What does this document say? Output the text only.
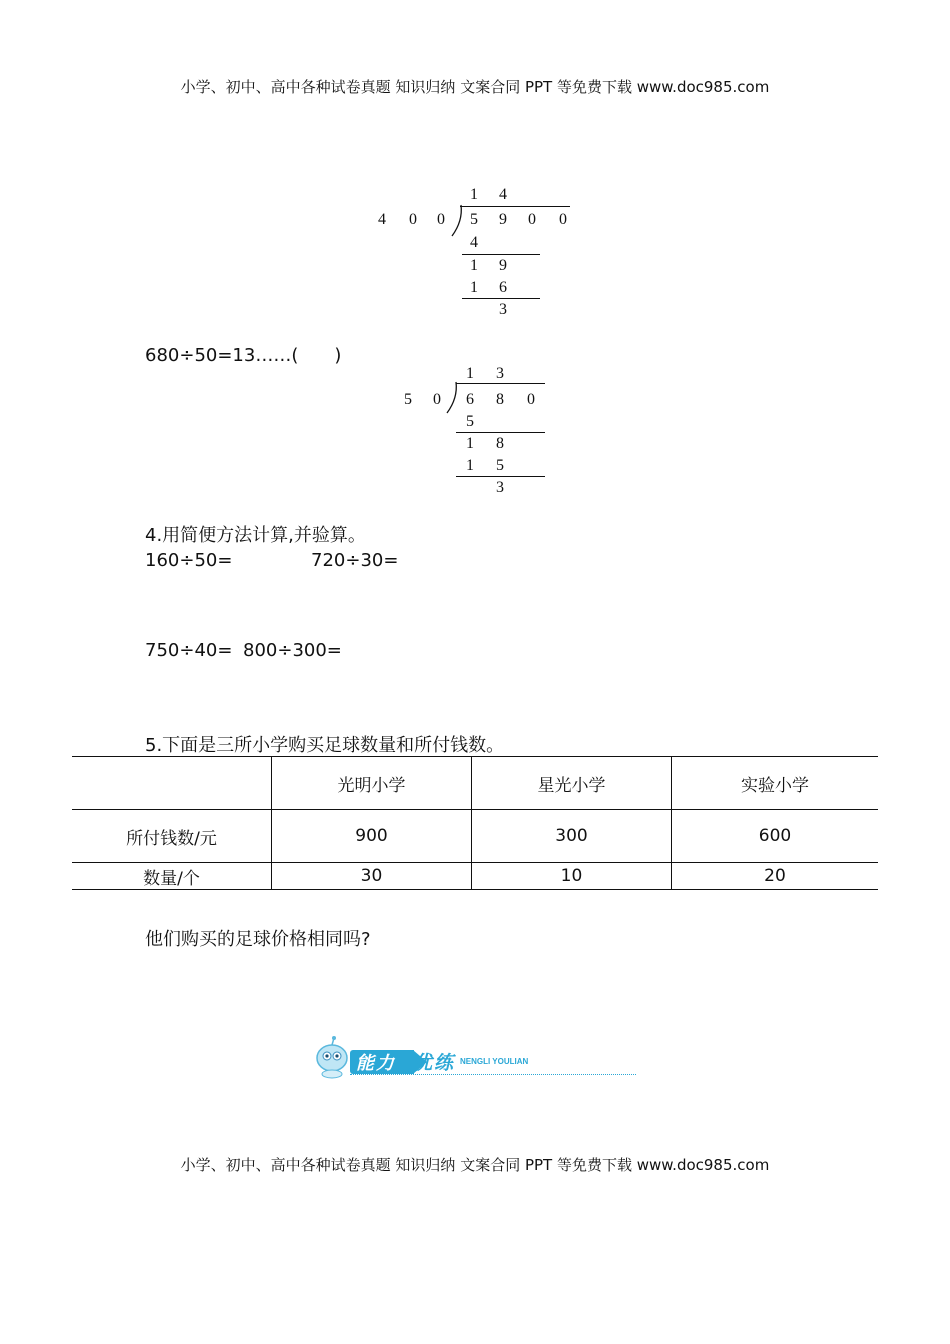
小学、初中、高中各种试卷真题 知识归纳 文案合同 PPT 等免费下载 www.doc985.com
1	4
4	0	0	5	9	0	0
4
1	9
1	6
3
680÷50=13……(　　)
1	3
5	0	6	8	0
5
1	8
1	5
3
4.用简便方法计算,并验算。
160÷50=	720÷30=
750÷40= 800÷300=
5.下面是三所小学购买足球数量和所付钱数。
	光明小学	星光小学	实验小学
所付钱数/元	900	300	600
数量/个	30	10	20
他们购买的足球价格相同吗?
能力 优练 NENGLI YOULIAN
小学、初中、高中各种试卷真题 知识归纳 文案合同 PPT 等免费下载 www.doc985.com
